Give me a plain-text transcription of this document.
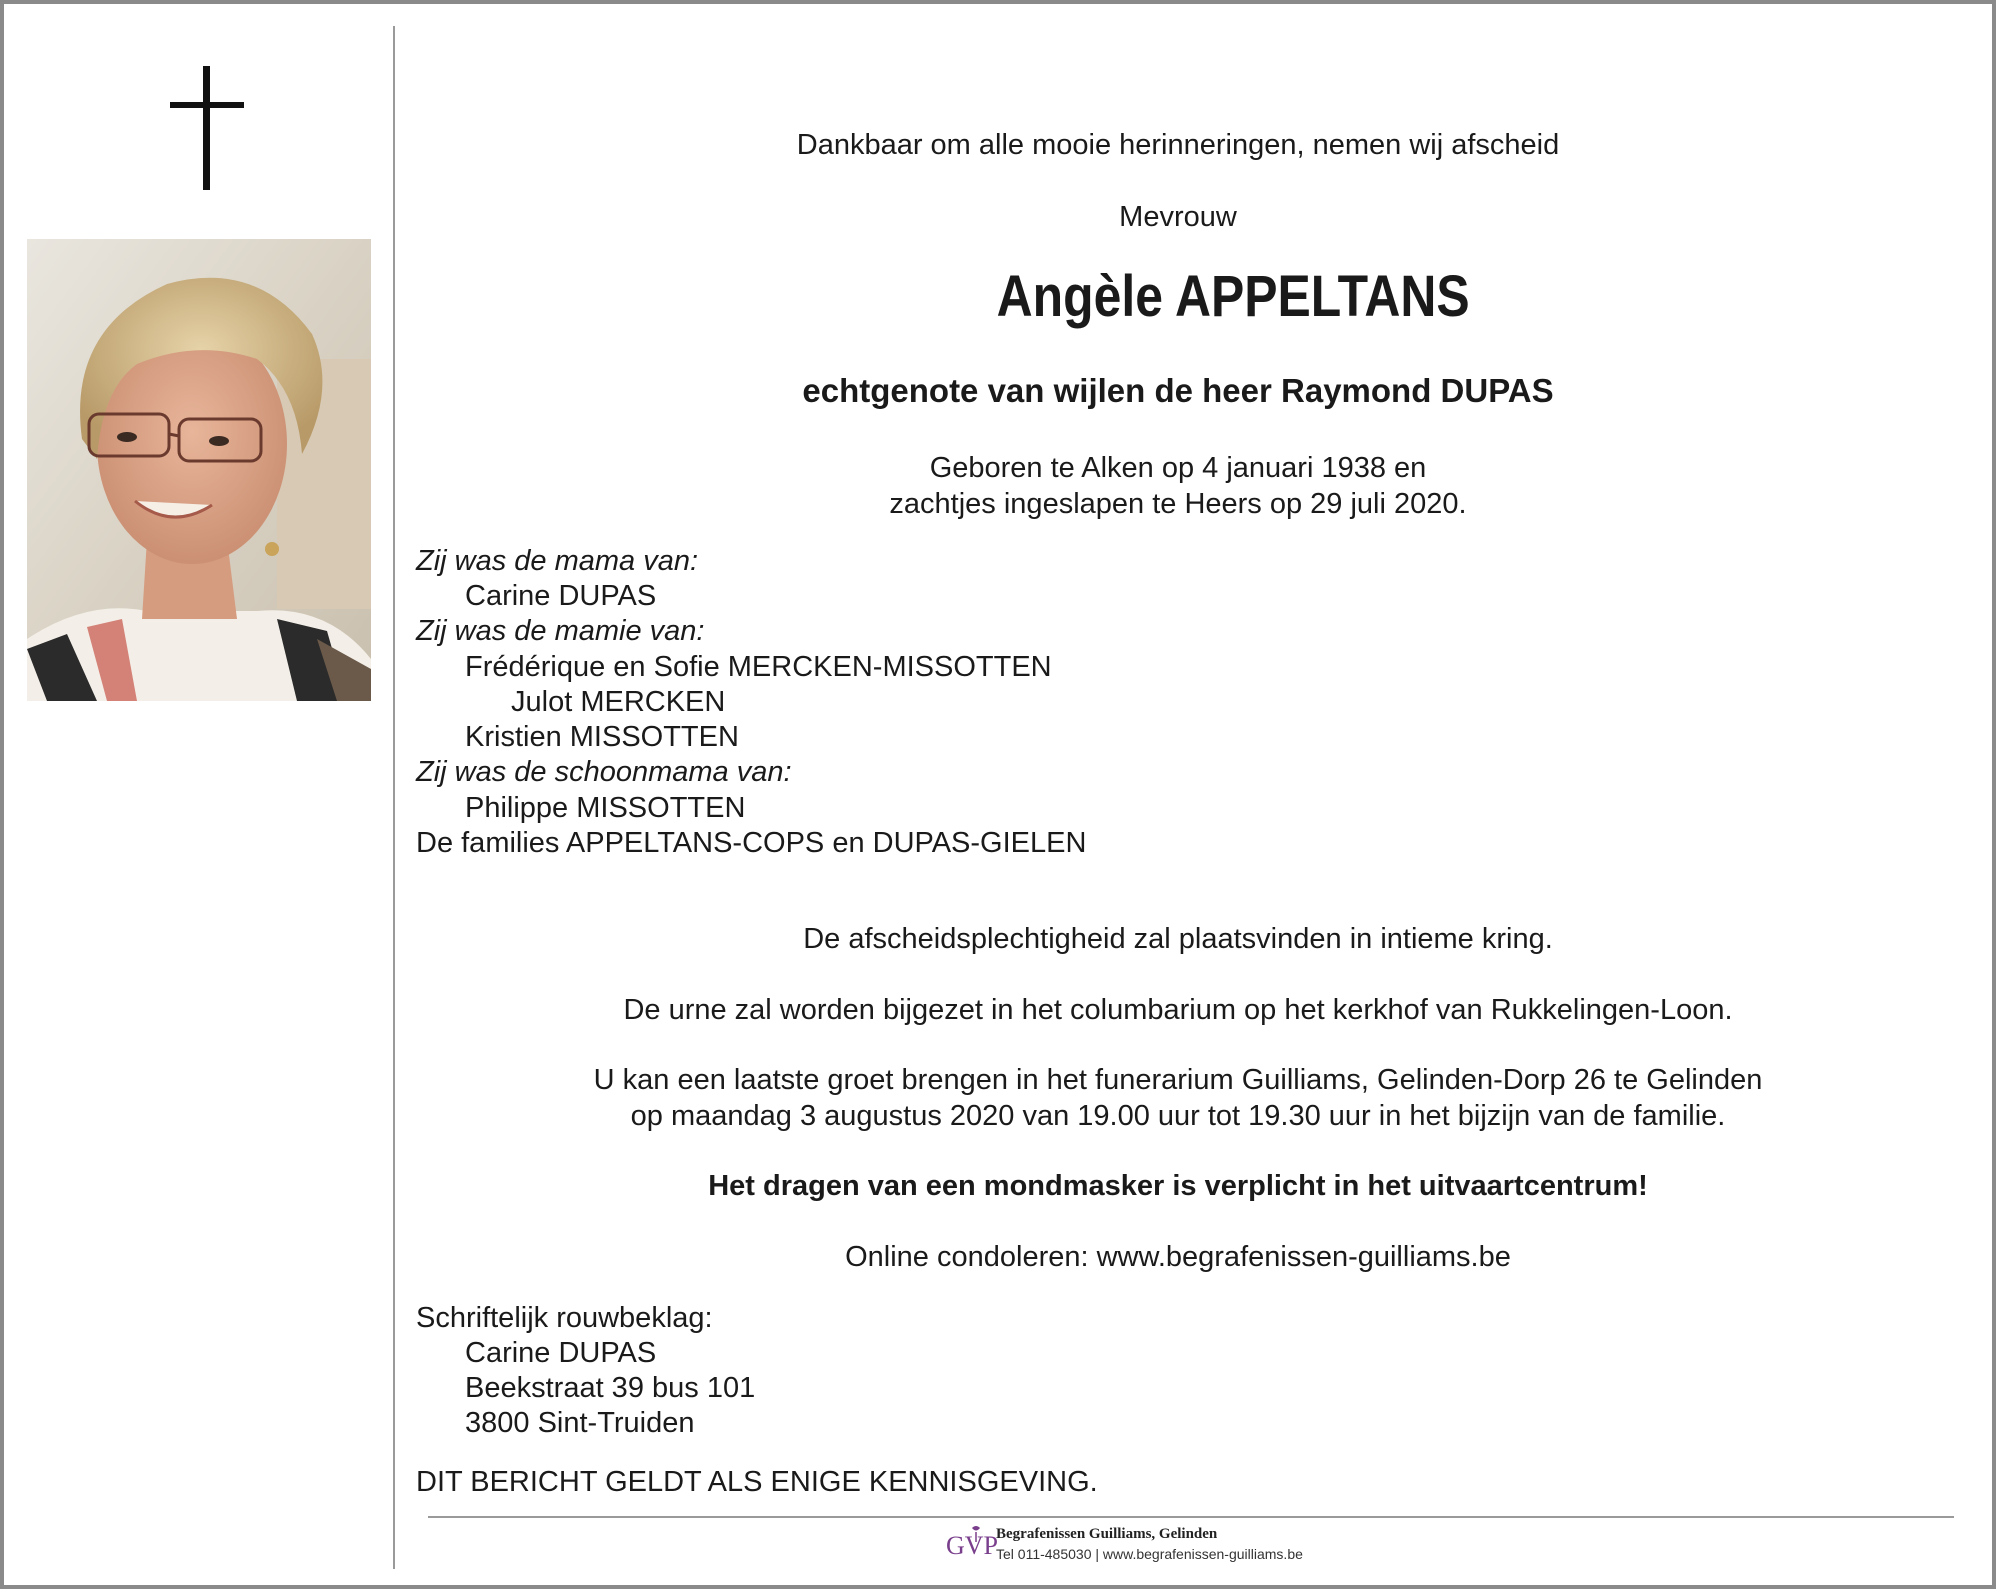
Dankbaar om alle mooie herinneringen, nemen wij afscheid
Mevrouw
Angèle APPELTANS
echtgenote van wijlen de heer Raymond DUPAS
Geboren te Alken op 4 januari 1938 en
zachtjes ingeslapen te Heers op 29 juli 2020.
Zij was de mama van:
Carine DUPAS
Zij was de mamie van:
Frédérique en Sofie MERCKEN-MISSOTTEN
Julot MERCKEN
Kristien MISSOTTEN
Zij was de schoonmama van:
Philippe MISSOTTEN
De families APPELTANS-COPS en DUPAS-GIELEN
De afscheidsplechtigheid zal plaatsvinden in intieme kring.
De urne zal worden bijgezet in het columbarium op het kerkhof van Rukkelingen-Loon.
U kan een laatste groet brengen in het funerarium Guilliams, Gelinden-Dorp 26 te Gelinden
op maandag 3 augustus 2020 van 19.00 uur tot 19.30 uur in het bijzijn van de familie.
Het dragen van een mondmasker is verplicht in het uitvaartcentrum!
Online condoleren: www.begrafenissen-guilliams.be
Schriftelijk rouwbeklag:
Carine DUPAS
Beekstraat 39 bus 101
3800 Sint-Truiden
DIT BERICHT GELDT ALS ENIGE KENNISGEVING.
GVP
Begrafenissen Guilliams, Gelinden
Tel 011-485030 | www.begrafenissen-guilliams.be
